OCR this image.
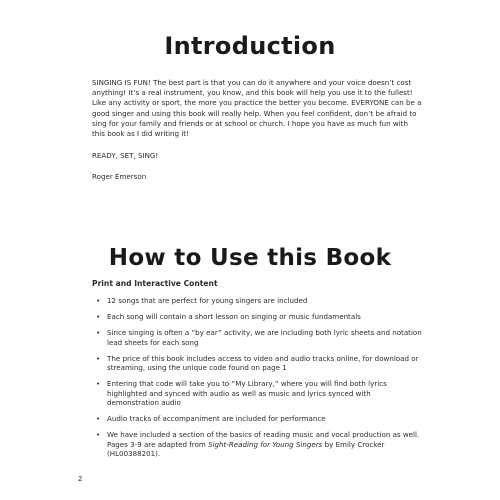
Introduction

SINGING IS FUN! The best part is that you can do it anywhere and your voice doesn’t cost anything! It’s a real instrument, you know, and this book will help you use it to the fullest! Like any activity or sport, the more you practice the better you become. EVERYONE can be a good singer and using this book will really help. When you feel confident, don’t be afraid to sing for your family and friends or at school or church. I hope you have as much fun with this book as I did writing it!

READY, SET, SING!

Roger Emerson

How to Use this Book

Print and Interactive Content

• 12 songs that are perfect for young singers are included
• Each song will contain a short lesson on singing or music fundamentals
• Since singing is often a “by ear” activity, we are including both lyric sheets and notation lead sheets for each song
• The price of this book includes access to video and audio tracks online, for download or streaming, using the unique code found on page 1
• Entering that code will take you to “My Library,” where you will find both lyrics highlighted and synced with audio as well as music and lyrics synced with demonstration audio
• Audio tracks of accompaniment are included for performance
• We have included a section of the basics of reading music and vocal production as well. Pages 3-9 are adapted from Sight-Reading for Young Singers by Emily Crocker (HL00388201).
2
